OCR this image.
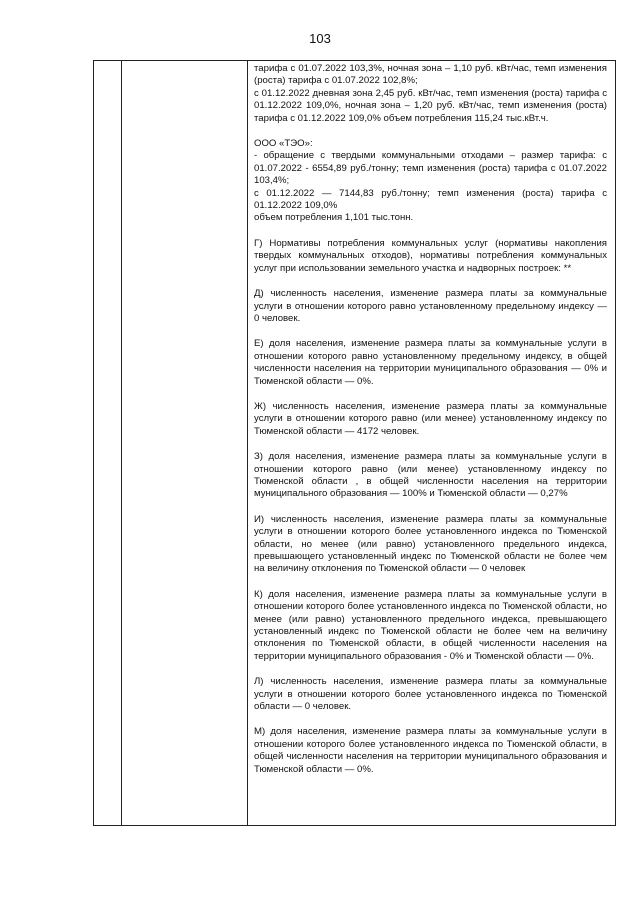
103

тарифа с 01.07.2022 103,3%, ночная зона – 1,10 руб. кВт/час, темп изменения (роста) тарифа с 01.07.2022 102,8%;
с 01.12.2022 дневная зона 2,45 руб. кВт/час, темп изменения (роста) тарифа с 01.12.2022 109,0%, ночная зона – 1,20 руб. кВт/час, темп изменения (роста) тарифа с 01.12.2022 109,0% объем потребления 115,24 тыс.кВт.ч.

ООО «ТЭО»:
- обращение с твердыми коммунальными отходами – размер тарифа: с 01.07.2022 - 6554,89 руб./тонну; темп изменения (роста) тарифа с 01.07.2022 103,4%;
с 01.12.2022 — 7144,83 руб./тонну; темп изменения (роста) тарифа с 01.12.2022 109,0%
объем потребления 1,101 тыс.тонн.

Г) Нормативы потребления коммунальных услуг (нормативы накопления твердых коммунальных отходов), нормативы потребления коммунальных услуг при использовании земельного участка и надворных построек: **

Д) численность населения, изменение размера платы за коммунальные услуги в отношении которого равно установленному предельному индексу — 0 человек.

Е) доля населения, изменение размера платы за коммунальные услуги в отношении которого равно установленному предельному индексу, в общей численности населения на территории муниципального образования — 0% и Тюменской области — 0%.

Ж) численность населения, изменение размера платы за коммунальные услуги в отношении которого равно (или менее) установленному индексу по Тюменской области — 4172 человек.

З) доля населения, изменение размера платы за коммунальные услуги в отношении которого равно (или менее) установленному индексу по Тюменской области , в общей численности населения на территории муниципального образования — 100% и Тюменской области — 0,27%

И) численность населения, изменение размера платы за коммунальные услуги в отношении которого более установленного индекса по Тюменской области, но менее (или равно) установленного предельного индекса, превышающего установленный индекс по Тюменской области не более чем на величину отклонения по Тюменской области — 0 человек

К) доля населения, изменение размера платы за коммунальные услуги в отношении которого более установленного индекса по Тюменской области, но менее (или равно) установленного предельного индекса, превышающего установленный индекс по Тюменской области не более чем на величину отклонения по Тюменской области, в общей численности населения на территории муниципального образования - 0% и Тюменской области — 0%.

Л) численность населения, изменение размера платы за коммунальные услуги в отношении которого более установленного индекса по Тюменской области — 0 человек.

М) доля населения, изменение размера платы за коммунальные услуги в отношении которого более установленного индекса по Тюменской области, в общей численности населения на территории муниципального образования и Тюменской области — 0%.
